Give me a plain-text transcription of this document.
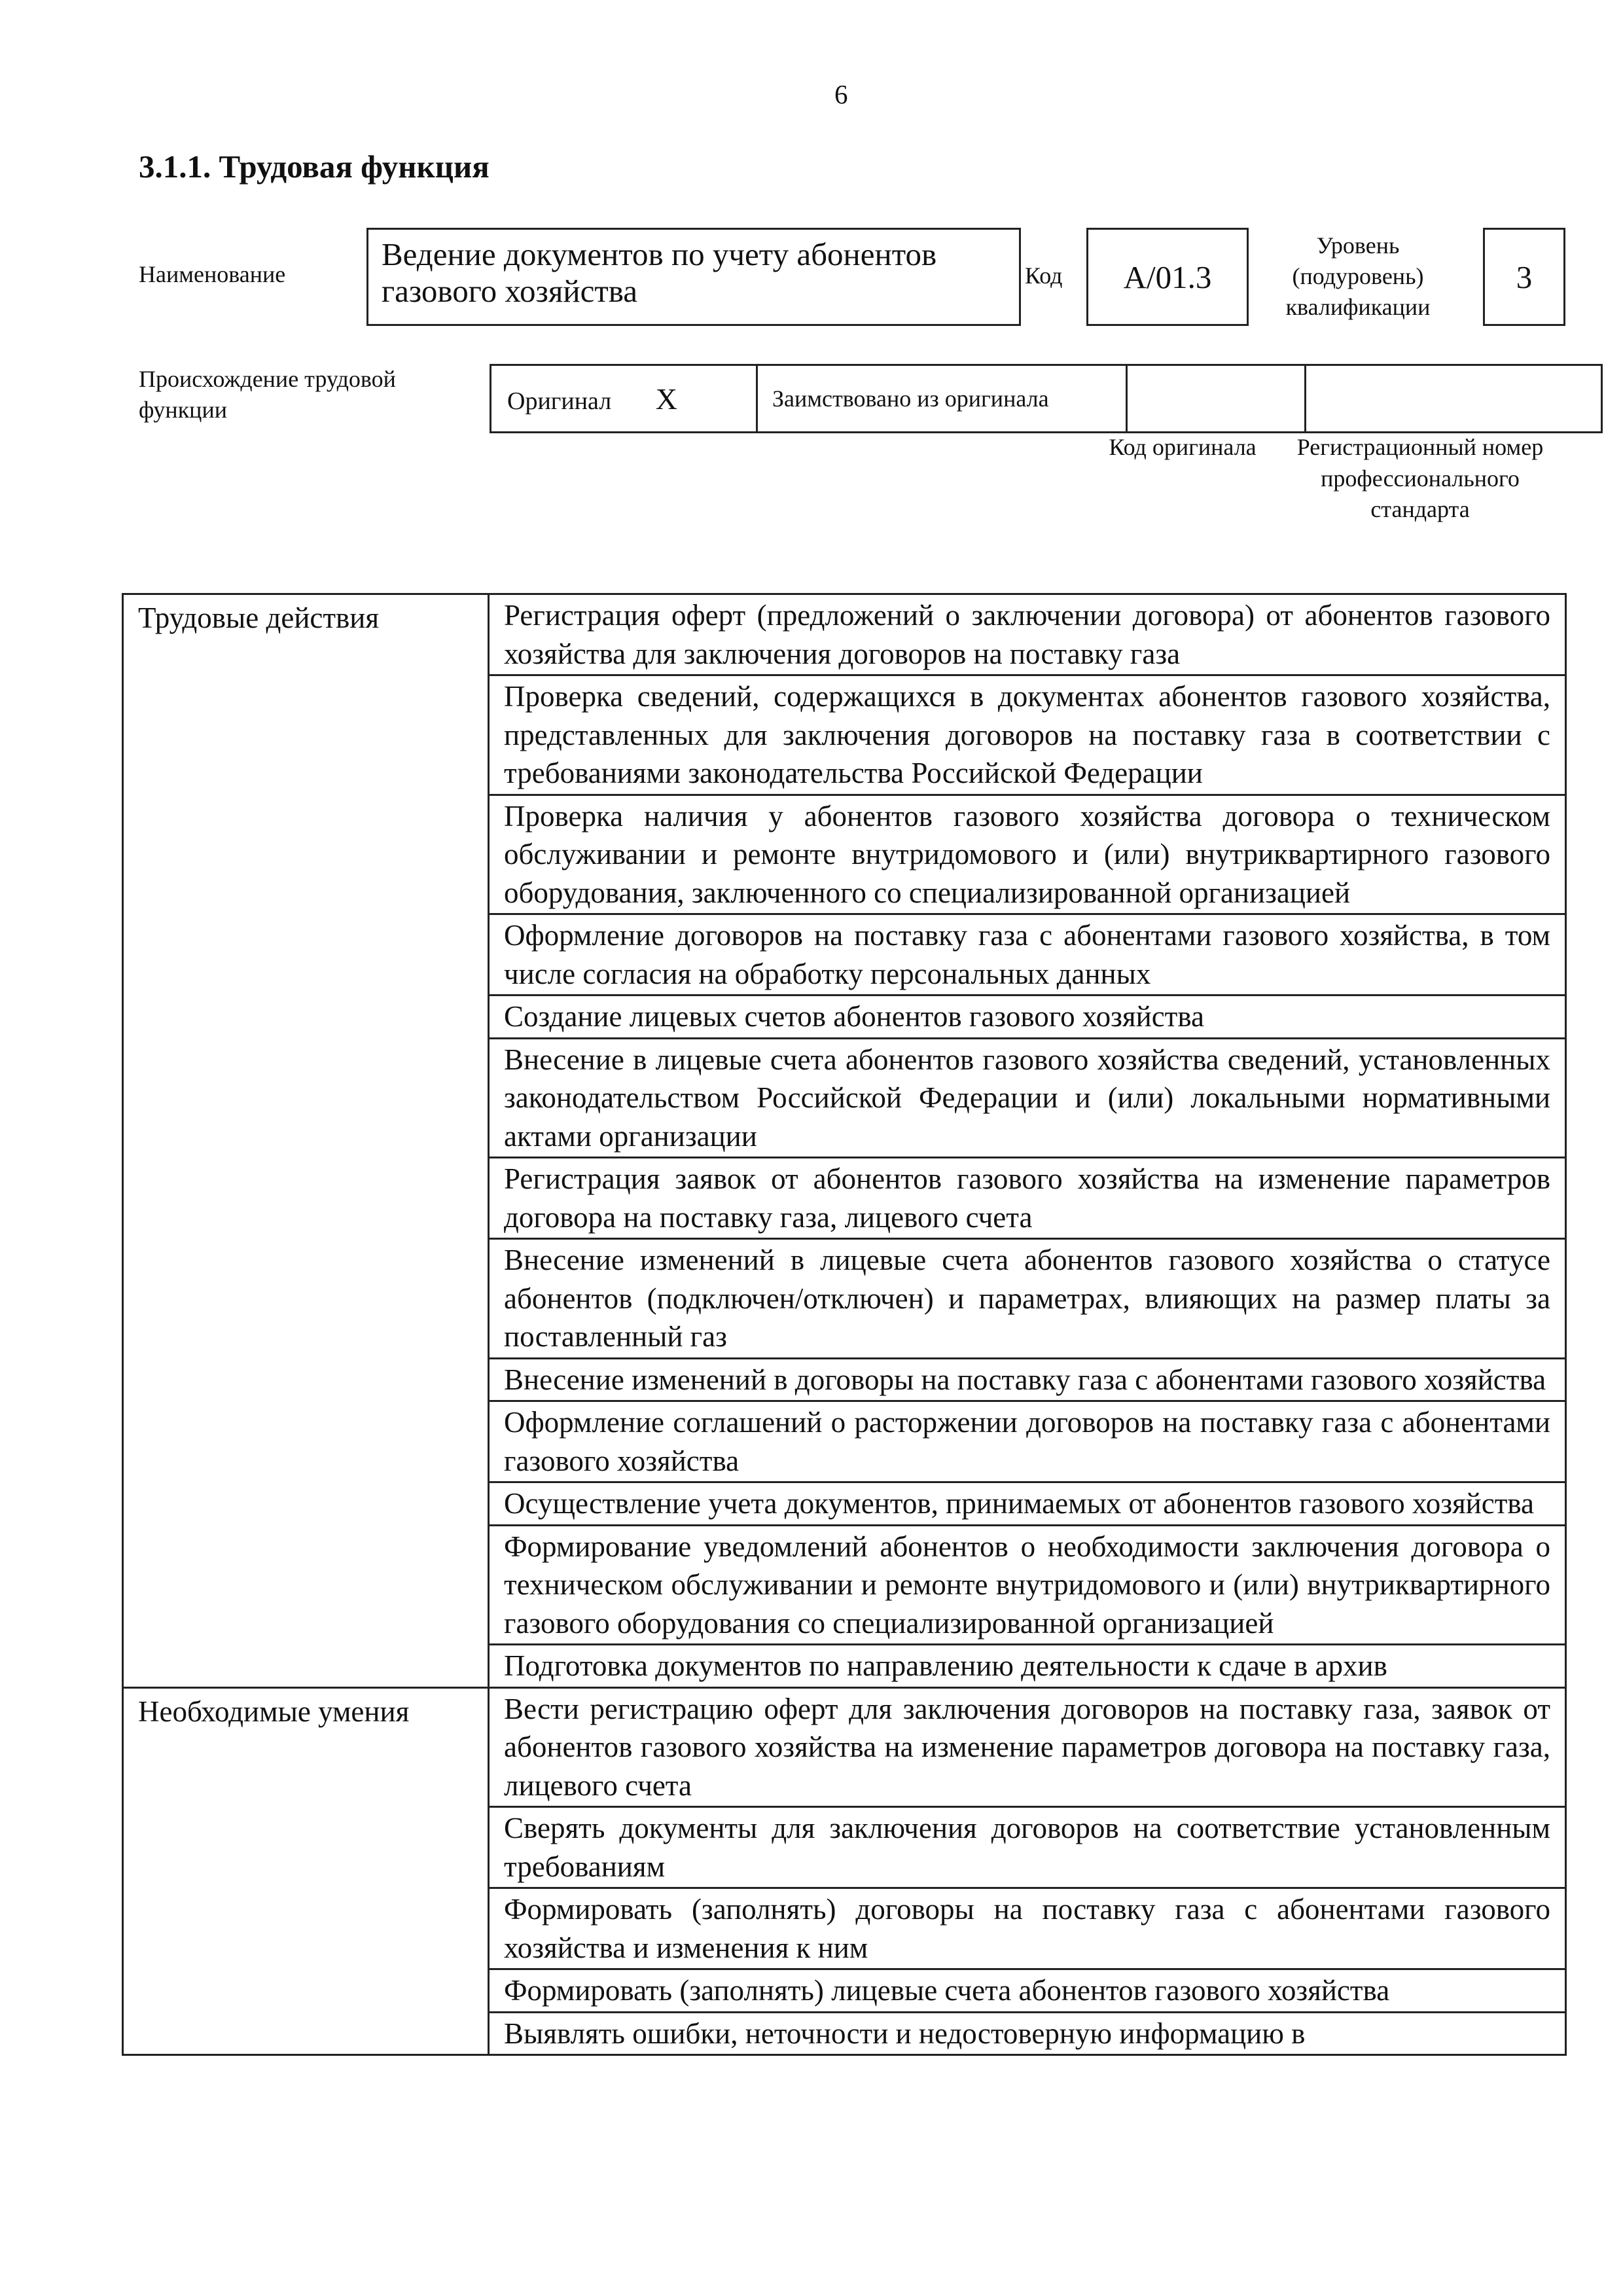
6
3.1.1. Трудовая функция
Наименование
Ведение документов по учету абонентов газового хозяйства	Код A/01.3
Уровень (подуровень) квалификации
3
Происхождение трудовой функции	Оригинал X	Заимствовано из оригинала		
Код оригинала	Регистрационный номер профессионального стандарта
Трудовые действия	Регистрация оферт (предложений о заключении договора) от абонентов газового хозяйства для заключения договоров на поставку газа
	Проверка сведений, содержащихся в документах абонентов газового хозяйства, представленных для заключения договоров на поставку газа в соответствии с требованиями законодательства Российской Федерации
	Проверка наличия у абонентов газового хозяйства договора о техническом обслуживании и ремонте внутридомового и (или) внутриквартирного газового оборудования, заключенного со специализированной организацией
	Оформление договоров на поставку газа с абонентами газового хозяйства, в том числе согласия на обработку персональных данных
	Создание лицевых счетов абонентов газового хозяйства
	Внесение в лицевые счета абонентов газового хозяйства сведений, установленных законодательством Российской Федерации и (или) локальными нормативными актами организации
	Регистрация заявок от абонентов газового хозяйства на изменение параметров договора на поставку газа, лицевого счета
	Внесение изменений в лицевые счета абонентов газового хозяйства о статусе абонентов (подключен/отключен) и параметрах, влияющих на размер платы за поставленный газ
	Внесение изменений в договоры на поставку газа с абонентами газового хозяйства
	Оформление соглашений о расторжении договоров на поставку газа с абонентами газового хозяйства
	Осуществление учета документов, принимаемых от абонентов газового хозяйства
	Формирование уведомлений абонентов о необходимости заключения договора о техническом обслуживании и ремонте внутридомового и (или) внутриквартирного газового оборудования со специализированной организацией
	Подготовка документов по направлению деятельности к сдаче в архив
Необходимые умения	Вести регистрацию оферт для заключения договоров на поставку газа, заявок от абонентов газового хозяйства на изменение параметров договора на поставку газа, лицевого счета
	Сверять документы для заключения договоров на соответствие установленным требованиям
	Формировать (заполнять) договоры на поставку газа с абонентами газового хозяйства и изменения к ним
	Формировать (заполнять) лицевые счета абонентов газового хозяйства
	Выявлять ошибки, неточности и недостоверную информацию в
